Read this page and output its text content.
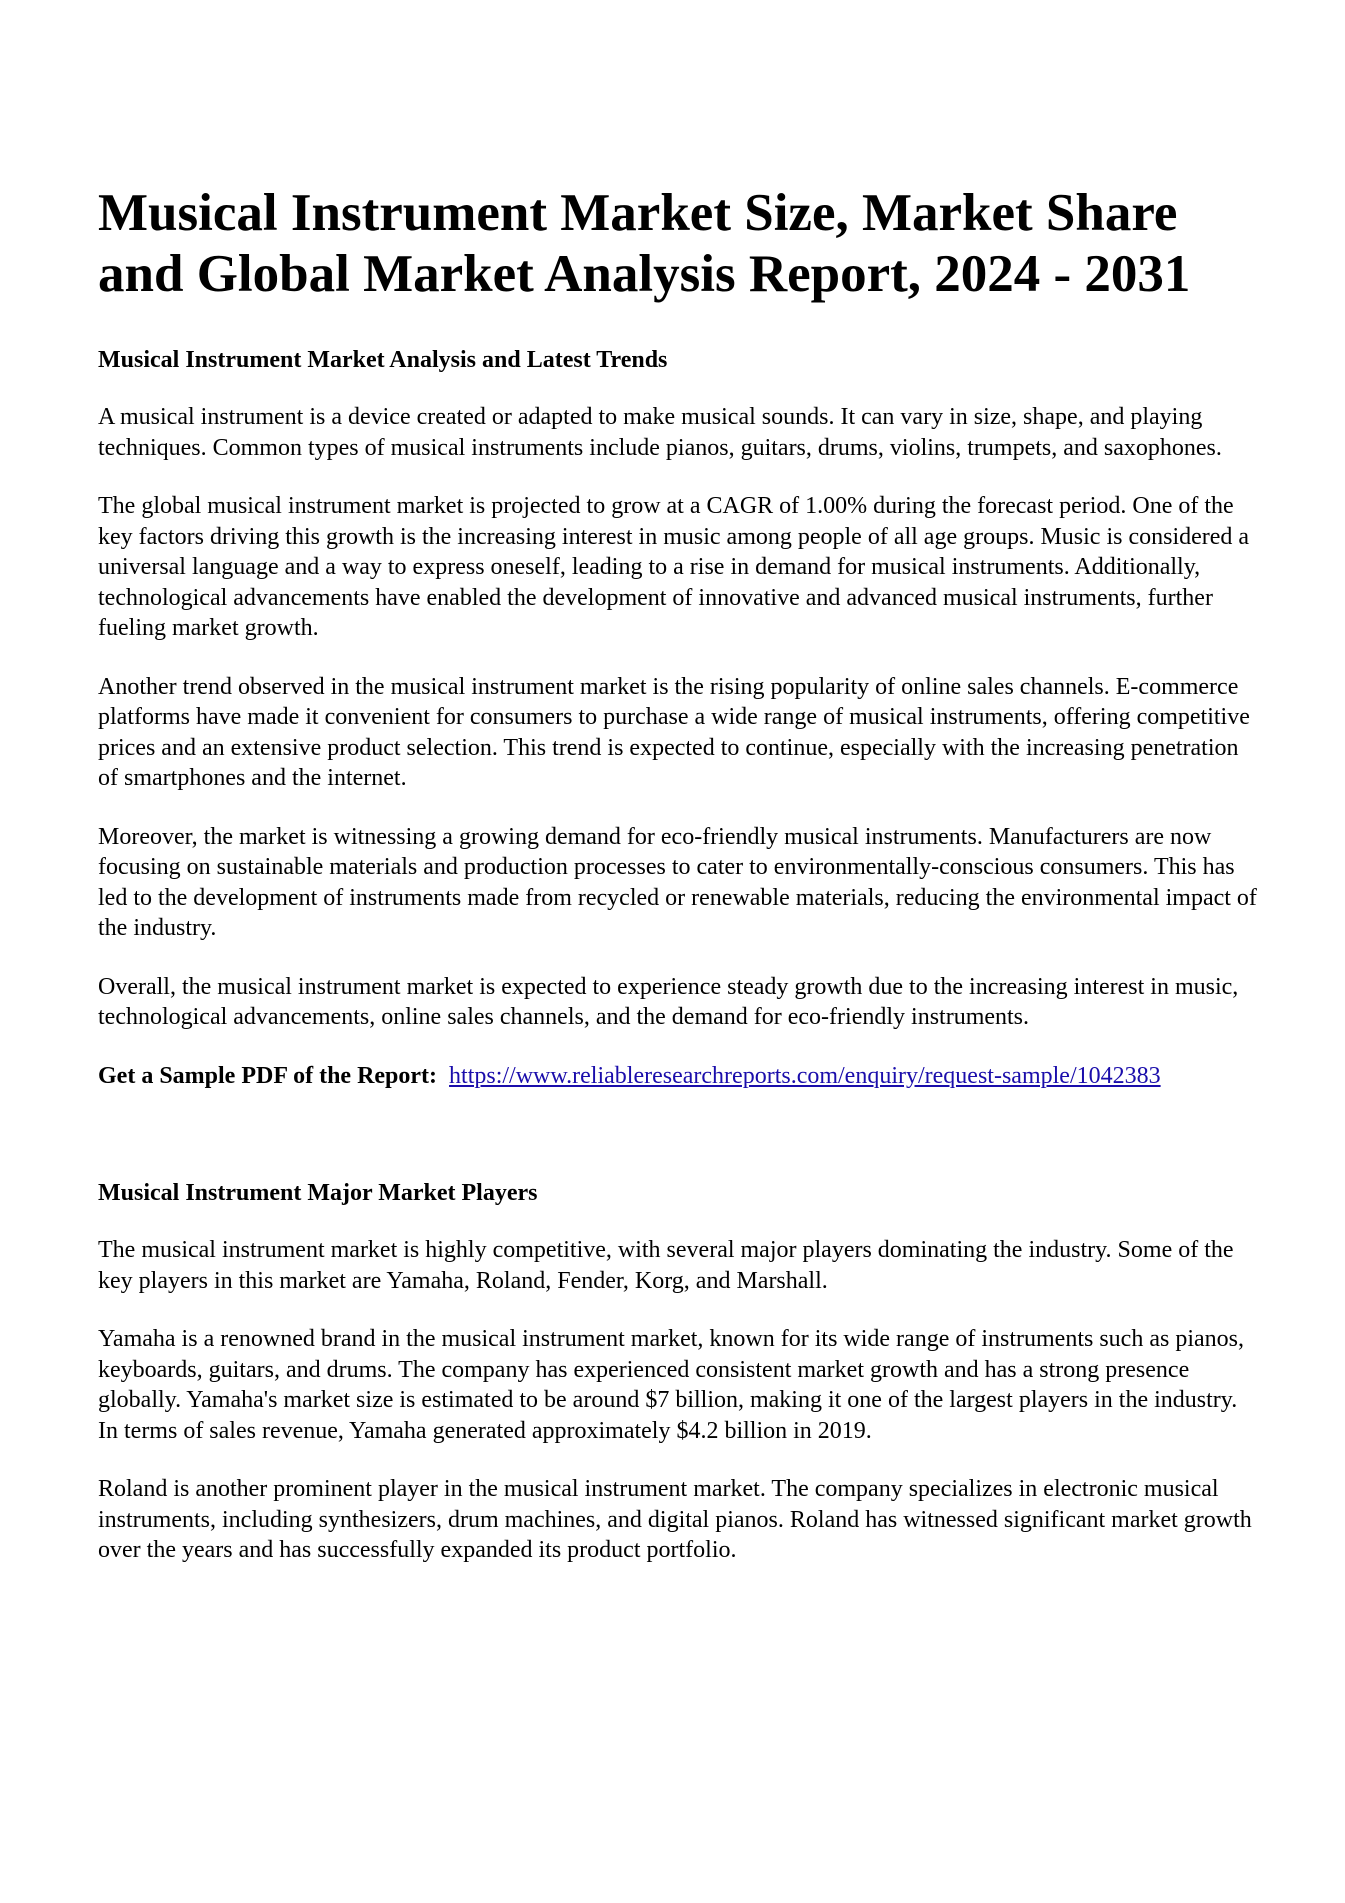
Musical Instrument Market Size, Market Share and Global Market Analysis Report, 2024 - 2031
Musical Instrument Market Analysis and Latest Trends

A musical instrument is a device created or adapted to make musical sounds. It can vary in size, shape, and playing techniques. Common types of musical instruments include pianos, guitars, drums, violins, trumpets, and saxophones.

The global musical instrument market is projected to grow at a CAGR of 1.00% during the forecast period. One of the key factors driving this growth is the increasing interest in music among people of all age groups. Music is considered a universal language and a way to express oneself, leading to a rise in demand for musical instruments. Additionally, technological advancements have enabled the development of innovative and advanced musical instruments, further fueling market growth.

Another trend observed in the musical instrument market is the rising popularity of online sales channels. E-commerce platforms have made it convenient for consumers to purchase a wide range of musical instruments, offering competitive prices and an extensive product selection. This trend is expected to continue, especially with the increasing penetration of smartphones and the internet.

Moreover, the market is witnessing a growing demand for eco-friendly musical instruments. Manufacturers are now focusing on sustainable materials and production processes to cater to environmentally-conscious consumers. This has led to the development of instruments made from recycled or renewable materials, reducing the environmental impact of the industry.

Overall, the musical instrument market is expected to experience steady growth due to the increasing interest in music, technological advancements, online sales channels, and the demand for eco-friendly instruments.

Get a Sample PDF of the Report: https://www.reliableresearchreports.com/enquiry/request-sample/1042383

Musical Instrument Major Market Players

The musical instrument market is highly competitive, with several major players dominating the industry. Some of the key players in this market are Yamaha, Roland, Fender, Korg, and Marshall.

Yamaha is a renowned brand in the musical instrument market, known for its wide range of instruments such as pianos, keyboards, guitars, and drums. The company has experienced consistent market growth and has a strong presence globally. Yamaha's market size is estimated to be around $7 billion, making it one of the largest players in the industry. In terms of sales revenue, Yamaha generated approximately $4.2 billion in 2019.

Roland is another prominent player in the musical instrument market. The company specializes in electronic musical instruments, including synthesizers, drum machines, and digital pianos. Roland has witnessed significant market growth over the years and has successfully expanded its product portfolio.
